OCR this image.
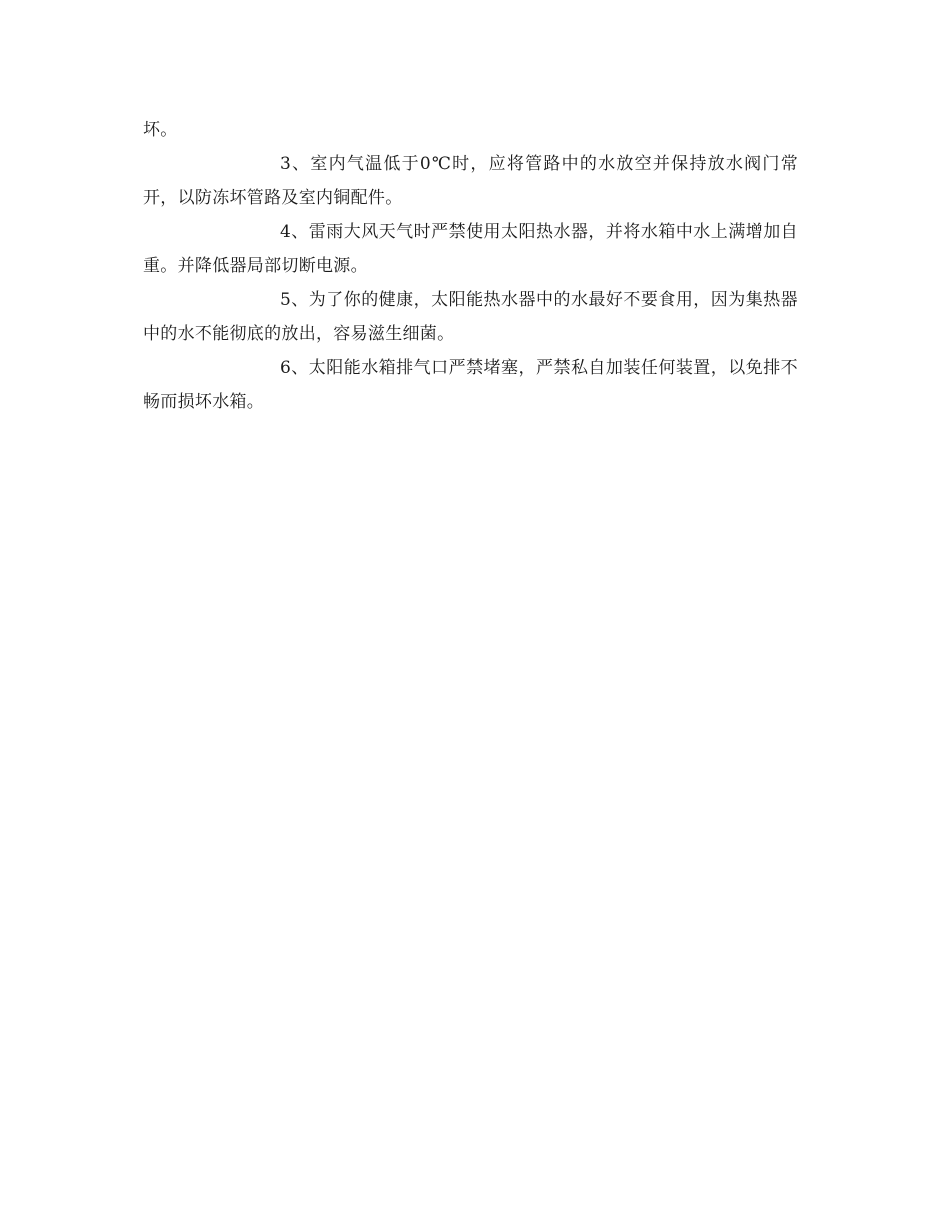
坏。

3、室内气温低于0℃时，应将管路中的水放空并保持放水阀门常开，以防冻坏管路及室内铜配件。

4、雷雨大风天气时严禁使用太阳热水器，并将水箱中水上满增加自重。并降低器局部切断电源。

5、为了你的健康，太阳能热水器中的水最好不要食用，因为集热器中的水不能彻底的放出，容易滋生细菌。

6、太阳能水箱排气口严禁堵塞，严禁私自加装任何装置，以免排不畅而损坏水箱。
